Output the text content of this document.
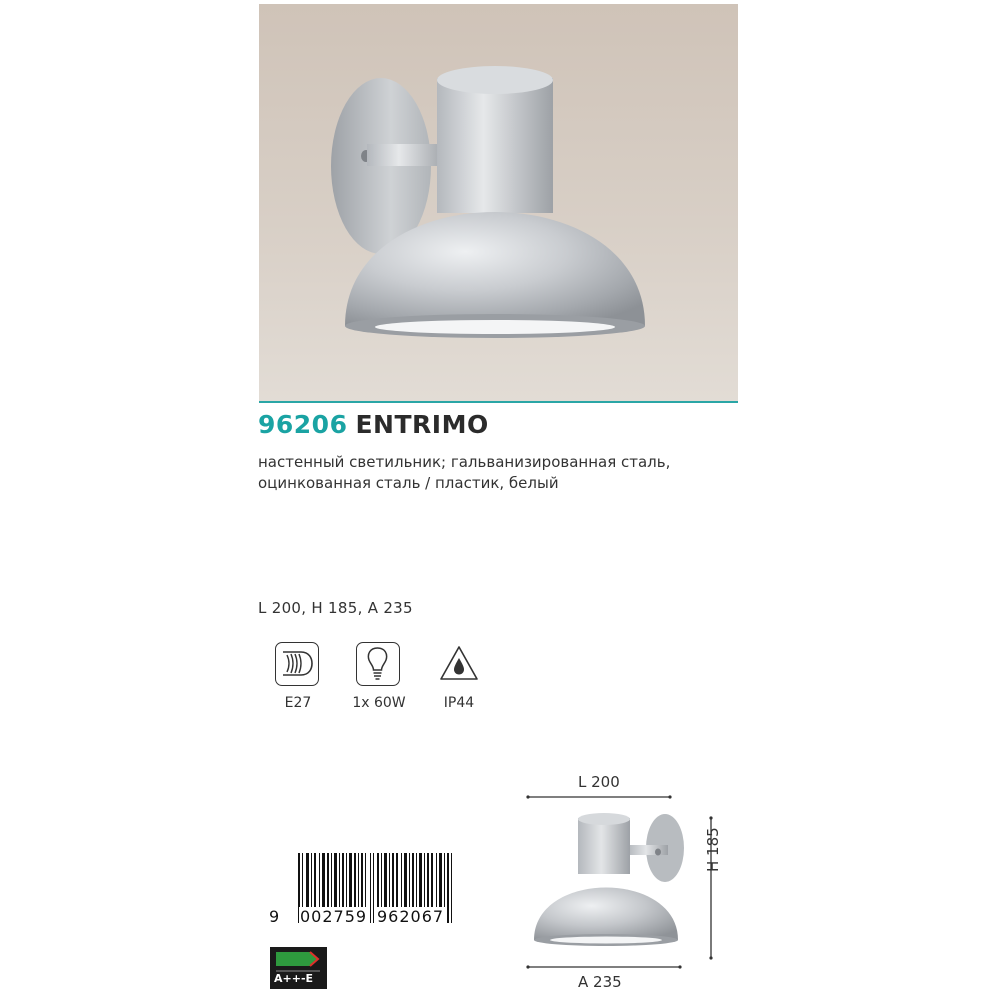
96206 ENTRIMO
настенный светильник; гальванизированная сталь,
оцинкованная сталь / пластик, белый
L 200, H 185, A 235
E27	1x 60W	IP44
L 200
A 235
H 185
9 002759 962067
A++-E
